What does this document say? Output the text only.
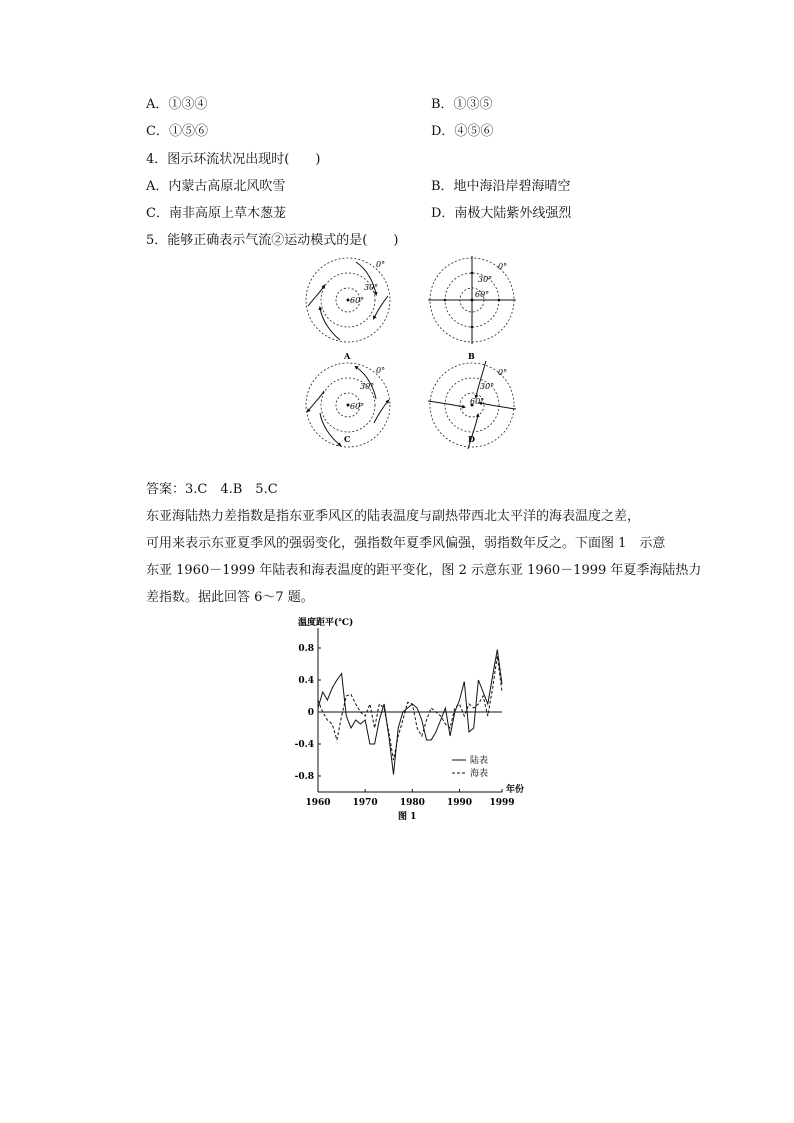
A．①③④	B．①③⑤
C．①⑤⑥	D．④⑤⑥
4．图示环流状况出现时(　　)
A．内蒙古高原北风吹雪	B．地中海沿岸碧海晴空
C．南非高原上草木葱茏	D．南极大陆紫外线强烈
5．能够正确表示气流②运动模式的是(　　)
A
0°
30°
60°
B
0°
30°
60°
C
0°
30°
60°
D
0°
30°
60°
答案：3.C　4.B　5.C
东亚海陆热力差指数是指东亚季风区的陆表温度与副热带西北太平洋的海表温度之差，
可用来表示东亚夏季风的强弱变化，强指数年夏季风偏强，弱指数年反之。下面图 1　示意
东亚 1960－1999 年陆表和海表温度的距平变化，图 2 示意东亚 1960－1999 年夏季海陆热力
差指数。据此回答 6～7 题。
温度距平(℃)
0.8
0.4
0
-0.4
-0.8
1960 1970 1980 1990 1999
陆表
海表
年份
图 1
